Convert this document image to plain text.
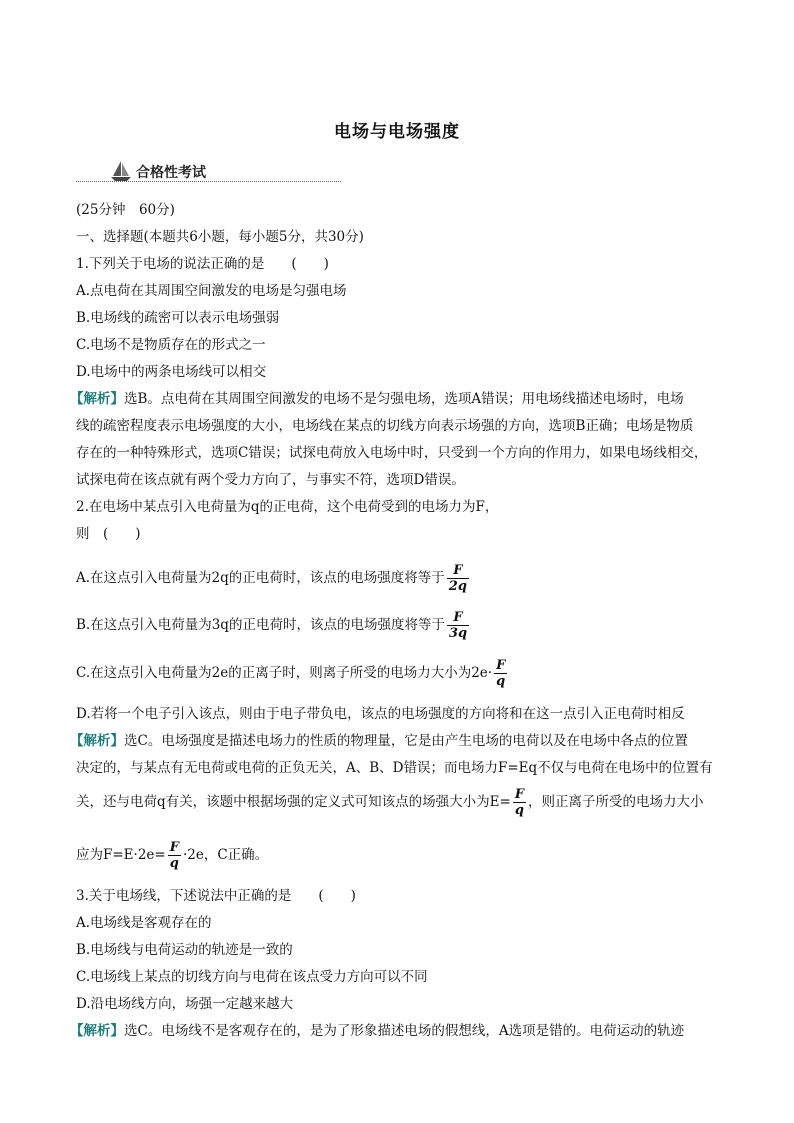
电场与电场强度
合格性考试
(25分钟　60分)
一、选择题(本题共6小题，每小题5分，共30分)
1.下列关于电场的说法正确的是　　(　　)
A.点电荷在其周围空间激发的电场是匀强电场
B.电场线的疏密可以表示电场强弱
C.电场不是物质存在的形式之一
D.电场中的两条电场线可以相交
【解析】选B。点电荷在其周围空间激发的电场不是匀强电场，选项A错误；用电场线描述电场时，电场
线的疏密程度表示电场强度的大小，电场线在某点的切线方向表示场强的方向，选项B正确；电场是物质
存在的一种特殊形式，选项C错误；试探电荷放入电场中时，只受到一个方向的作用力，如果电场线相交，
试探电荷在该点就有两个受力方向了，与事实不符，选项D错误。
2.在电场中某点引入电荷量为q的正电荷，这个电荷受到的电场力为F，
则　(　　)
A.在这点引入电荷量为2q的正电荷时，该点的电场强度将等于 $\frac{F}{2q}$
B.在这点引入电荷量为3q的正电荷时，该点的电场强度将等于 $\frac{F}{3q}$
C.在这点引入电荷量为2e的正离子时，则离子所受的电场力大小为$2e\cdot \frac{F}{q}$
D.若将一个电子引入该点，则由于电子带负电，该点的电场强度的方向将和在这一点引入正电荷时相反
【解析】选C。电场强度是描述电场力的性质的物理量，它是由产生电场的电荷以及在电场中各点的位置
决定的，与某点有无电荷或电荷的正负无关，A、B、D错误；而电场力F=Eq不仅与电荷在电场中的位置有
关，还与电荷q有关，该题中根据场强的定义式可知该点的场强大小为$E= \frac{F}{q}$ ，则正离子所受的电场力大小
应为$F=E\cdot 2e= \frac{F}{q} \cdot 2e$，C正确。
3.关于电场线，下述说法中正确的是　　(　　)
A.电场线是客观存在的
B.电场线与电荷运动的轨迹是一致的
C.电场线上某点的切线方向与电荷在该点受力方向可以不同
D.沿电场线方向，场强一定越来越大
【解析】选C。电场线不是客观存在的，是为了形象描述电场的假想线，A选项是错的。电荷运动的轨迹
